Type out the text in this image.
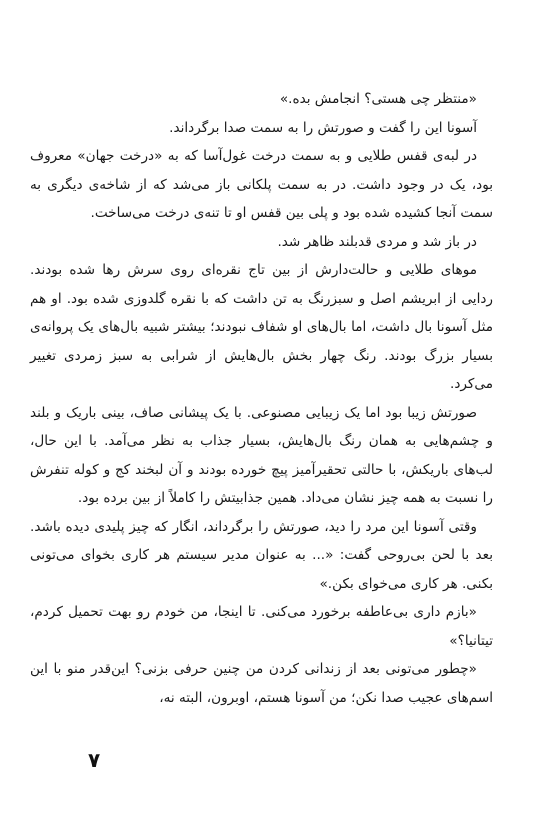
«منتظر چی هستی؟ انجامش بده.»

آسونا این را گفت و صورتش را به سمت صدا برگرداند.

در لبه‌ی قفس طلایی و به سمت درخت غول‌آسا که به «درخت جهان» معروف بود، یک در وجود داشت. در به سمت پلکانی باز می‌شد که از شاخه‌ی دیگری به سمت آنجا کشیده شده بود و پلی بین قفس او تا تنه‌ی درخت می‌ساخت.

در باز شد و مردی قدبلند ظاهر شد.

موهای طلایی و حالت‌دارش از بین تاج نقره‌ای روی سرش رها شده بودند. ردایی از ابریشم اصل و سبزرنگ به تن داشت که با نقره گلدوزی شده بود. او هم مثل آسونا بال داشت، اما بال‌های او شفاف نبودند؛ بیشتر شبیه بال‌های یک پروانه‌ی بسیار بزرگ بودند. رنگ چهار بخش بال‌هایش از شرابی به سبز زمردی تغییر می‌کرد.

صورتش زیبا بود اما یک زیبایی مصنوعی. با یک پیشانی صاف، بینی باریک و بلند و چشم‌هایی به همان رنگ بال‌هایش، بسیار جذاب به نظر می‌آمد. با این حال، لب‌های باریکش، با حالتی تحقیرآمیز پیچ خورده بودند و آن لبخند کج و کوله تنفرش را نسبت به همه چیز نشان می‌داد. همین جذابیتش را کاملاً از بین برده بود.

وقتی آسونا این مرد را دید، صورتش را برگرداند، انگار که چیز پلیدی دیده باشد. بعد با لحن بی‌روحی گفت: «... به عنوان مدیر سیستم هر کاری بخوای می‌تونی بکنی. هر کاری می‌خوای بکن.»

«بازم داری بی‌عاطفه برخورد می‌کنی. تا اینجا، من خودم رو بهت تحمیل کردم، تیتانیا؟»

«چطور می‌تونی بعد از زندانی کردن من چنین حرفی بزنی؟ این‌قدر منو با این اسم‌های عجیب صدا نکن؛ من آسونا هستم، اوبرون، البته نه،

۷
